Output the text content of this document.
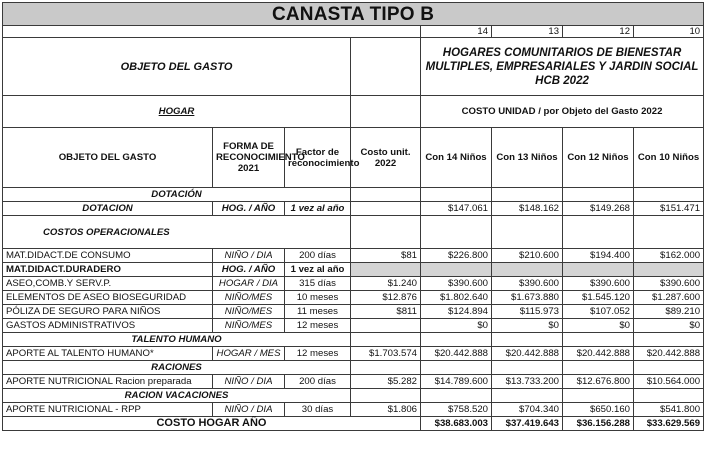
CANASTA TIPO B							
				14	13	12	10
OBJETO DEL GASTO				HOGARES COMUNITARIOS DE BIENESTAR MULTIPLES, EMPRESARIALES Y JARDIN SOCIAL HCB 2022			
HOGAR				COSTO UNIDAD / por Objeto del Gasto 2022			
OBJETO DEL GASTO	FORMA DE RECONOCIMIENTO 2021	Factor de reconocimiento	Costo unit. 2022	Con 14 Niños	Con 13 Niños	Con 12 Niños	Con 10 Niños
DOTACIÓN							
DOTACION	HOG. / AÑO	1 vez al año		$147.061	$148.162	$149.268	$151.471
COSTOS OPERACIONALES							
MAT.DIDACT.DE CONSUMO	NIÑO / DIA	200 días	$81	$226.800	$210.600	$194.400	$162.000
MAT.DIDACT.DURADERO	HOG. / AÑO	1 vez al año					
ASEO,COMB.Y SERV.P.	HOGAR / DIA	315 días	$1.240	$390.600	$390.600	$390.600	$390.600
ELEMENTOS DE ASEO BIOSEGURIDAD	NIÑO/MES	10 meses	$12.876	$1.802.640	$1.673.880	$1.545.120	$1.287.600
PÓLIZA DE SEGURO PARA NIÑOS	NIÑO/MES	11 meses	$811	$124.894	$115.973	$107.052	$89.210
GASTOS ADMINISTRATIVOS	NIÑO/MES	12 meses		$0	$0	$0	$0
TALENTO HUMANO							
APORTE AL TALENTO HUMANO*	HOGAR / MES	12 meses	$1.703.574	$20.442.888	$20.442.888	$20.442.888	$20.442.888
RACIONES							
APORTE NUTRICIONAL Racion preparada	NIÑO / DIA	200 días	$5.282	$14.789.600	$13.733.200	$12.676.800	$10.564.000
RACION VACACIONES							
APORTE NUTRICIONAL - RPP	NIÑO / DIA	30 días	$1.806	$758.520	$704.340	$650.160	$541.800
COSTO HOGAR AÑO				$38.683.003	$37.419.643	$36.156.288	$33.629.569
